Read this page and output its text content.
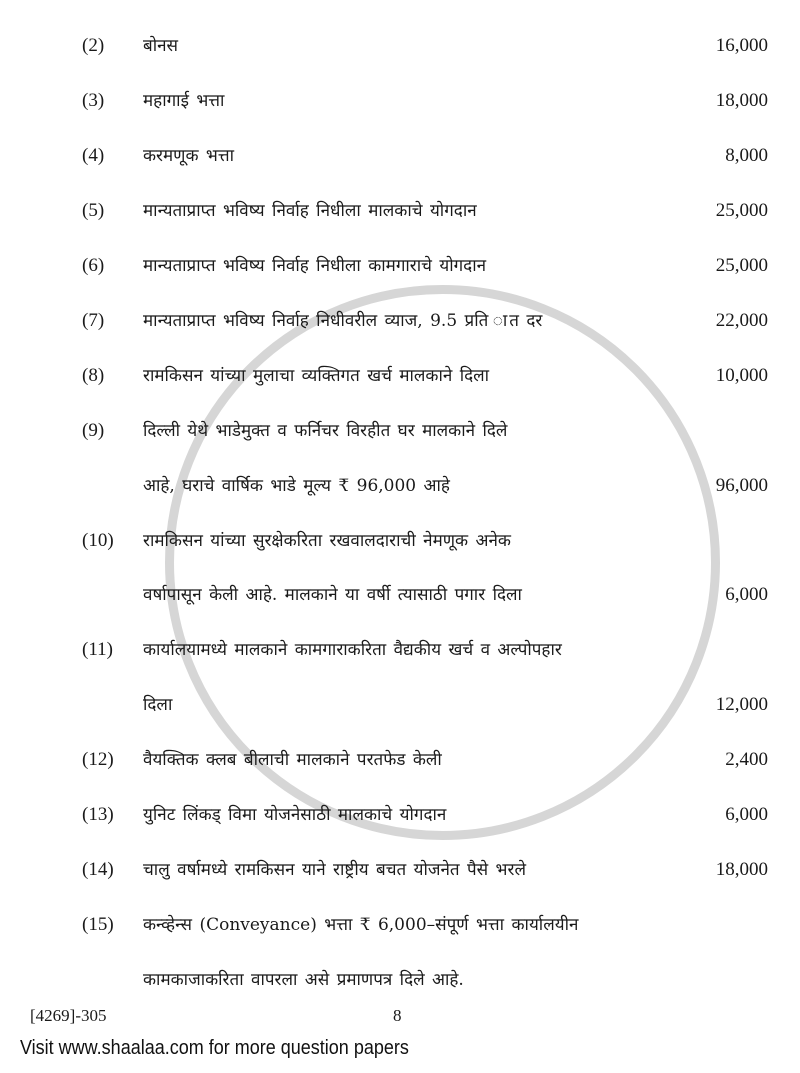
(2) बोनस	16,000
(3) महागाई भत्ता	18,000
(4) करमणूक भत्ता	8,000
(5) मान्यताप्राप्त भविष्य निर्वाह निधीला मालकाचे योगदान	25,000
(6) मान्यताप्राप्त भविष्य निर्वाह निधीला कामगाराचे योगदान	25,000
(7) मान्यताप्राप्त भविष्य निर्वाह निधीवरील व्याज, 9.5 प्रति ात दर	22,000
(8) रामकिसन यांच्या मुलाचा व्यक्तिगत खर्च मालकाने दिला	10,000
(9) दिल्ली येथे भाडेमुक्त व फर्निचर विरहीत घर मालकाने दिले
आहे, घराचे वार्षिक भाडे मूल्य ₹ 96,000 आहे	96,000
(10) रामकिसन यांच्या सुरक्षेकरिता रखवालदाराची नेमणूक अनेक
वर्षापासून केली आहे. मालकाने या वर्षी त्यासाठी पगार दिला	6,000
(11) कार्यालयामध्ये मालकाने कामगाराकरिता वैद्यकीय खर्च व अल्पोपहार
दिला	12,000
(12) वैयक्तिक क्लब बीलाची मालकाने परतफेड केली	2,400
(13) युनिट लिंकड् विमा योजनेसाठी मालकाचे योगदान	6,000
(14) चालु वर्षामध्ये रामकिसन याने राष्ट्रीय बचत योजनेत पैसे भरले	18,000
(15) कन्व्हेन्स (Conveyance) भत्ता ₹ 6,000–संपूर्ण भत्ता कार्यालयीन
कामकाजाकरिता वापरला असे प्रमाणपत्र दिले आहे.
[4269]-305	8
Visit www.shaalaa.com for more question papers
